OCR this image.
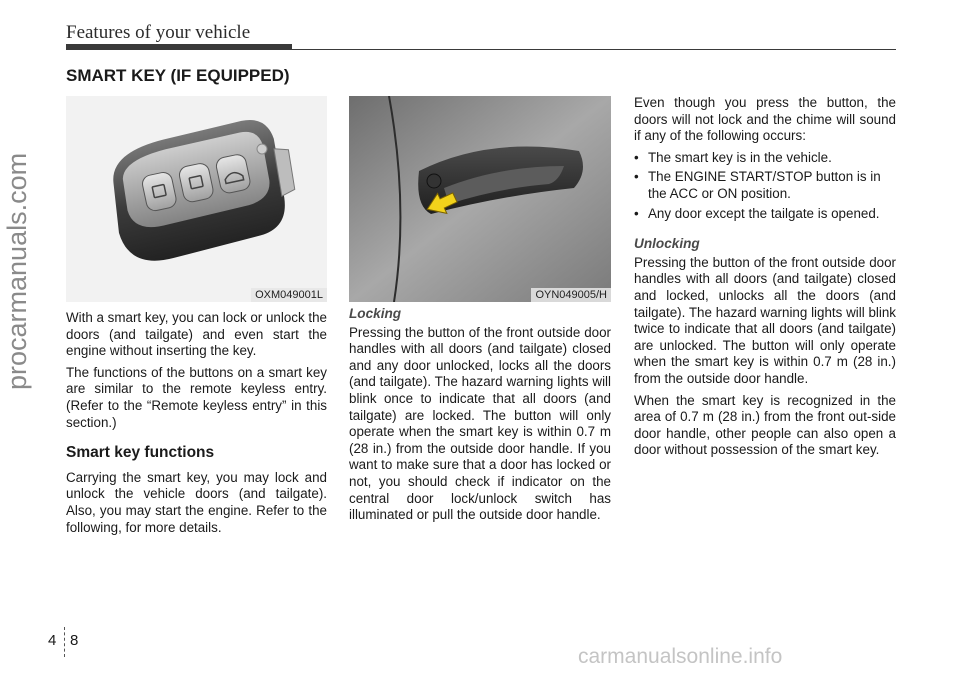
Features of your vehicle
SMART KEY (IF EQUIPPED)
procarmanuals.com	OXM049001L	OYN049005/H

With a smart key, you can lock or unlock the doors (and tailgate) and even start the engine without inserting the key.

The functions of the buttons on a smart key are similar to the remote keyless entry. (Refer to the “Remote keyless entry” in this section.)

Smart key functions

Carrying the smart key, you may lock and unlock the vehicle doors (and tailgate). Also, you may start the engine. Refer to the following, for more details.

Locking

Pressing the button of the front outside door handles with all doors (and tailgate) closed and any door unlocked, locks all the doors (and tailgate). The hazard warning lights will blink once to indicate that all doors (and tailgate) are locked. The button will only operate when the smart key is within 0.7 m (28 in.) from the outside door handle. If you want to make sure that a door has locked or not, you should check if indicator on the central door lock/unlock switch has illuminated or pull the outside door handle.

Even though you press the button, the doors will not lock and the chime will sound if any of the following occurs:

• The smart key is in the vehicle.
• The ENGINE START/STOP button is in the ACC or ON position.
• Any door except the tailgate is opened.
Unlocking

Pressing the button of the front outside door handles with all doors (and tailgate) closed and locked, unlocks all the doors (and tailgate). The hazard warning lights will blink twice to indicate that all doors (and tailgate) are unlocked. The button will only operate when the smart key is within 0.7 m (28 in.) from the outside door handle.

When the smart key is recognized in the area of 0.7 m (28 in.) from the front out-side door handle, other people can also open a door without possession of the smart key.

4 8
carmanualsonline.info
